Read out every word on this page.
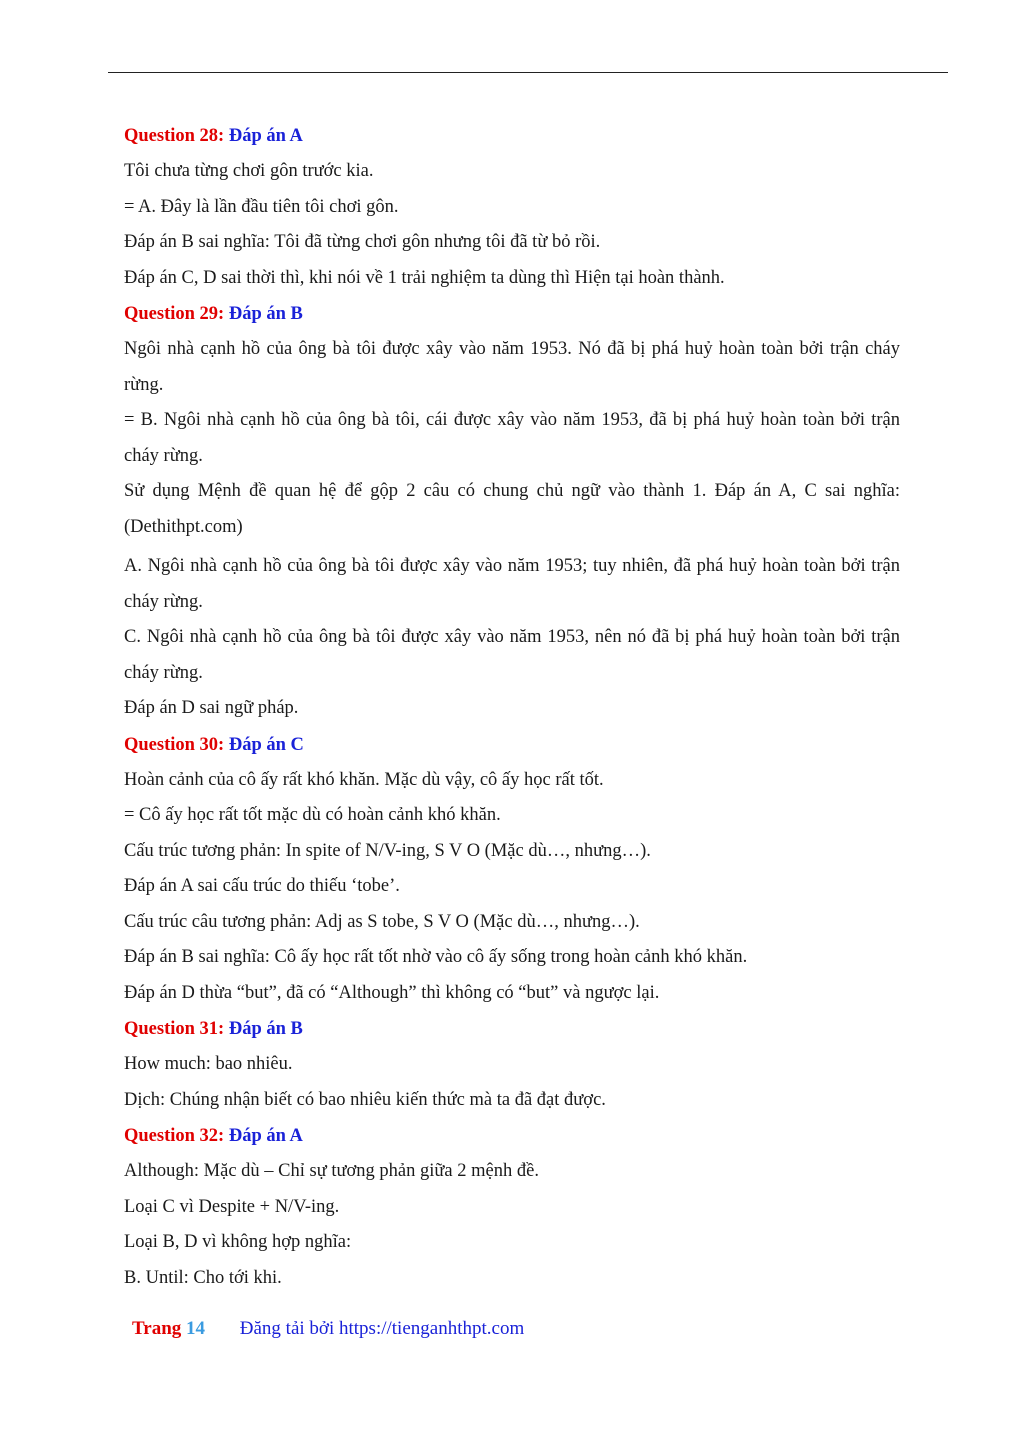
Question 28: Đáp án A
Tôi chưa từng chơi gôn trước kia.
= A. Đây là lần đầu tiên tôi chơi gôn.
Đáp án B sai nghĩa: Tôi đã từng chơi gôn nhưng tôi đã từ bỏ rồi.
Đáp án C, D sai thời thì, khi nói về 1 trải nghiệm ta dùng thì Hiện tại hoàn thành.
Question 29: Đáp án B

Ngôi nhà cạnh hồ của ông bà tôi được xây vào năm 1953. Nó đã bị phá huỷ hoàn toàn bởi trận cháy rừng.

= B. Ngôi nhà cạnh hồ của ông bà tôi, cái được xây vào năm 1953, đã bị phá huỷ hoàn toàn bởi trận cháy rừng.

Sử dụng Mệnh đề quan hệ để gộp 2 câu có chung chủ ngữ vào thành 1. Đáp án A, C sai nghĩa: (Dethithpt.com)

A. Ngôi nhà cạnh hồ của ông bà tôi được xây vào năm 1953; tuy nhiên, đã phá huỷ hoàn toàn bởi trận cháy rừng.

C. Ngôi nhà cạnh hồ của ông bà tôi được xây vào năm 1953, nên nó đã bị phá huỷ hoàn toàn bởi trận cháy rừng.

Đáp án D sai ngữ pháp.
Question 30: Đáp án C
Hoàn cảnh của cô ấy rất khó khăn. Mặc dù vậy, cô ấy học rất tốt.
= Cô ấy học rất tốt mặc dù có hoàn cảnh khó khăn.
Cấu trúc tương phản: In spite of N/V-ing, S V O (Mặc dù…, nhưng…).
Đáp án A sai cấu trúc do thiếu ‘tobe’.
Cấu trúc câu tương phản: Adj as S tobe, S V O (Mặc dù…, nhưng…).
Đáp án B sai nghĩa: Cô ấy học rất tốt nhờ vào cô ấy sống trong hoàn cảnh khó khăn.
Đáp án D thừa “but”, đã có “Although” thì không có “but” và ngược lại.
Question 31: Đáp án B
How much: bao nhiêu.
Dịch: Chúng nhận biết có bao nhiêu kiến thức mà ta đã đạt được.
Question 32: Đáp án A
Although: Mặc dù – Chỉ sự tương phản giữa 2 mệnh đề.
Loại C vì Despite + N/V-ing.
Loại B, D vì không hợp nghĩa:
B. Until: Cho tới khi.
Trang 14 Đăng tải bởi https://tienganhthpt.com
